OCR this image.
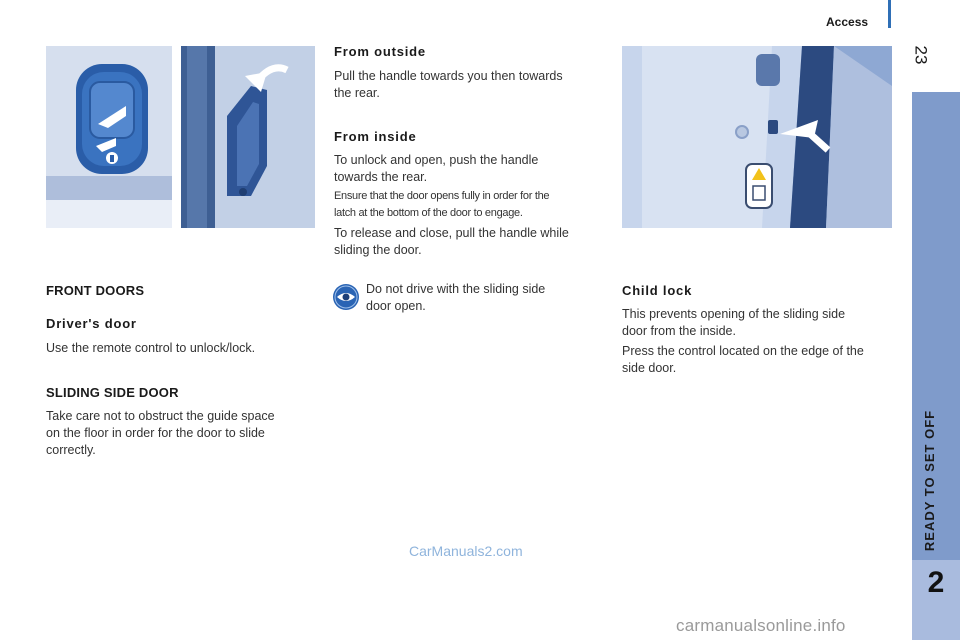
Access
23
READY TO SET OFF
2
FRONT DOORS
Driver's door
Use the remote control to unlock/lock.
SLIDING SIDE DOOR
Take care not to obstruct the guide space
on the floor in order for the door to slide
correctly.
From outside
Pull the handle towards you then towards
the rear.
From inside
To unlock and open, push the handle
towards the rear.
Ensure that the door opens fully in order for the
latch at the bottom of the door to engage.
To release and close, pull the handle while
sliding the door.
Do not drive with the sliding side
door open.
Child lock
This prevents opening of the sliding side
door from the inside.
Press the control located on the edge of the
side door.
CarManuals2.com
carmanualsonline.info
